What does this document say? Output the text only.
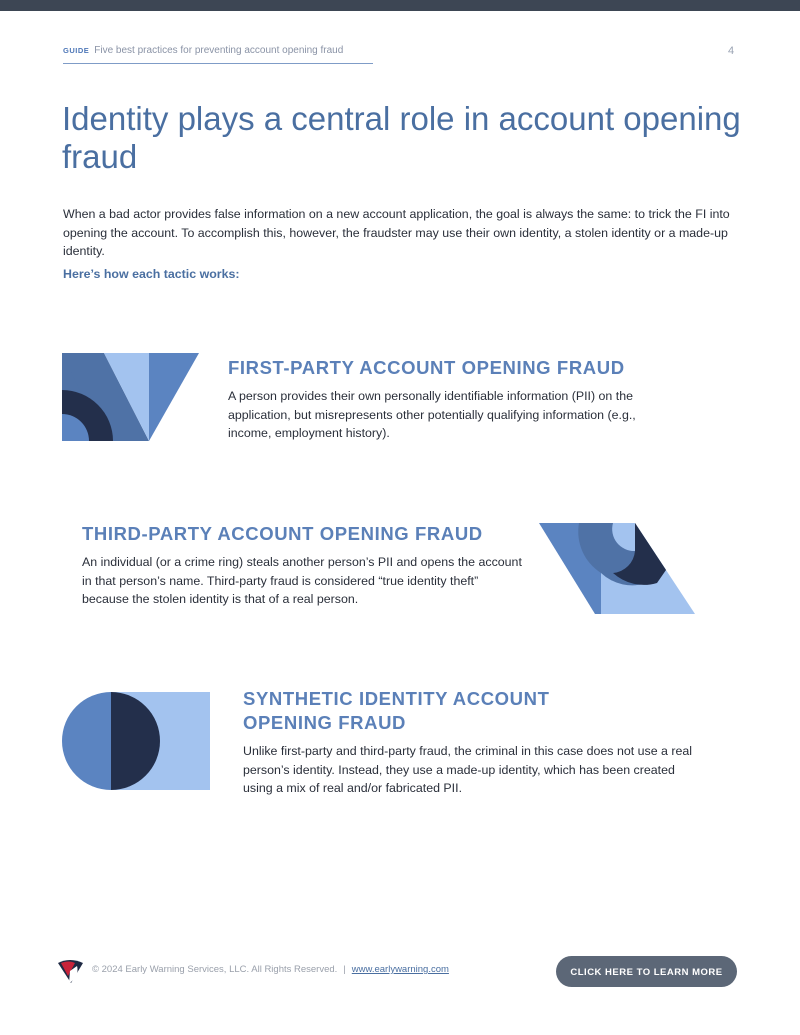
GUIDE Five best practices for preventing account opening fraud	4
Identity plays a central role in account opening fraud

When a bad actor provides false information on a new account application, the goal is always the same: to trick the FI into opening the account. To accomplish this, however, the fraudster may use their own identity, a stolen identity or a made-up identity.

Here’s how each tactic works:

FIRST-PARTY ACCOUNT OPENING FRAUD

A person provides their own personally identifiable information (PII) on the application, but misrepresents other potentially qualifying information (e.g., income, employment history).

THIRD-PARTY ACCOUNT OPENING FRAUD

An individual (or a crime ring) steals another person’s PII and opens the account in that person’s name. Third-party fraud is considered “true identity theft” because the stolen identity is that of a real person.

SYNTHETIC IDENTITY ACCOUNT OPENING FRAUD

Unlike first-party and third-party fraud, the criminal in this case does not use a real person’s identity. Instead, they use a made-up identity, which has been created using a mix of real and/or fabricated PII.

© 2024 Early Warning Services, LLC. All Rights Reserved. | www.earlywarning.com	CLICK HERE TO LEARN MORE
